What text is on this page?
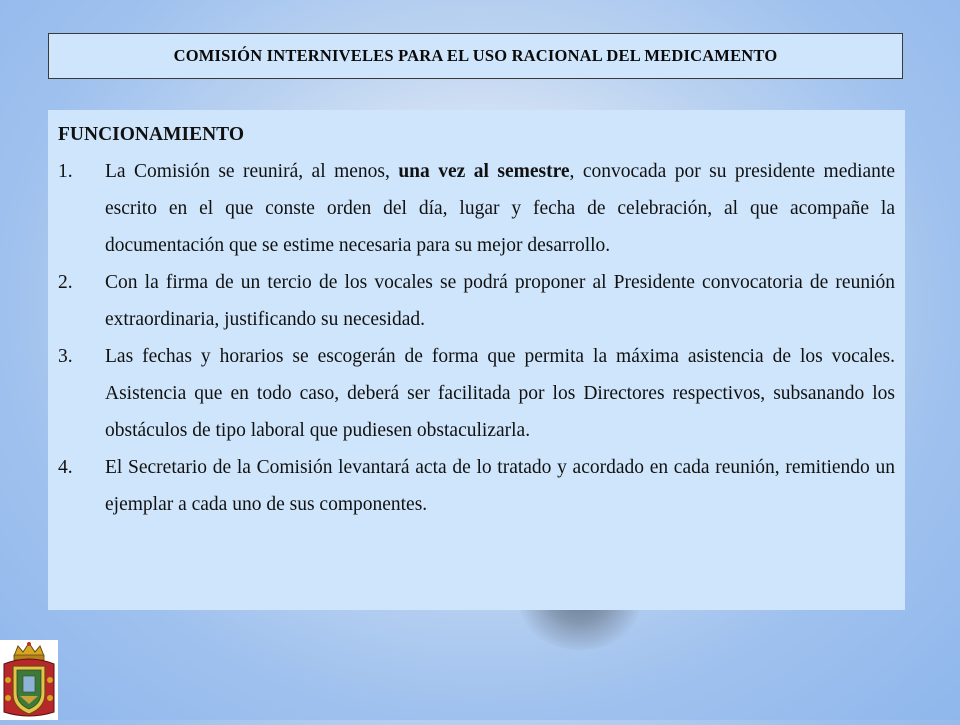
COMISIÓN INTERNIVELES PARA EL USO RACIONAL DEL MEDICAMENTO
FUNCIONAMIENTO
1.	La Comisión se reunirá, al menos, una vez al semestre, convocada por su presidente mediante escrito en el que conste orden del día, lugar y fecha de celebración, al que acompañe la documentación que se estime necesaria para su mejor desarrollo.
2.	Con la firma de un tercio de los vocales se podrá proponer al Presidente convocatoria de reunión extraordinaria, justificando su necesidad.
3.	Las fechas y horarios se escogerán de forma que permita la máxima asistencia de los vocales. Asistencia que en todo caso, deberá ser facilitada por los Directores respectivos, subsanando los obstáculos de tipo laboral que pudiesen obstaculizarla.
4.	El Secretario de la Comisión levantará acta de lo tratado y acordado en cada reunión, remitiendo un ejemplar a cada uno de sus componentes.
